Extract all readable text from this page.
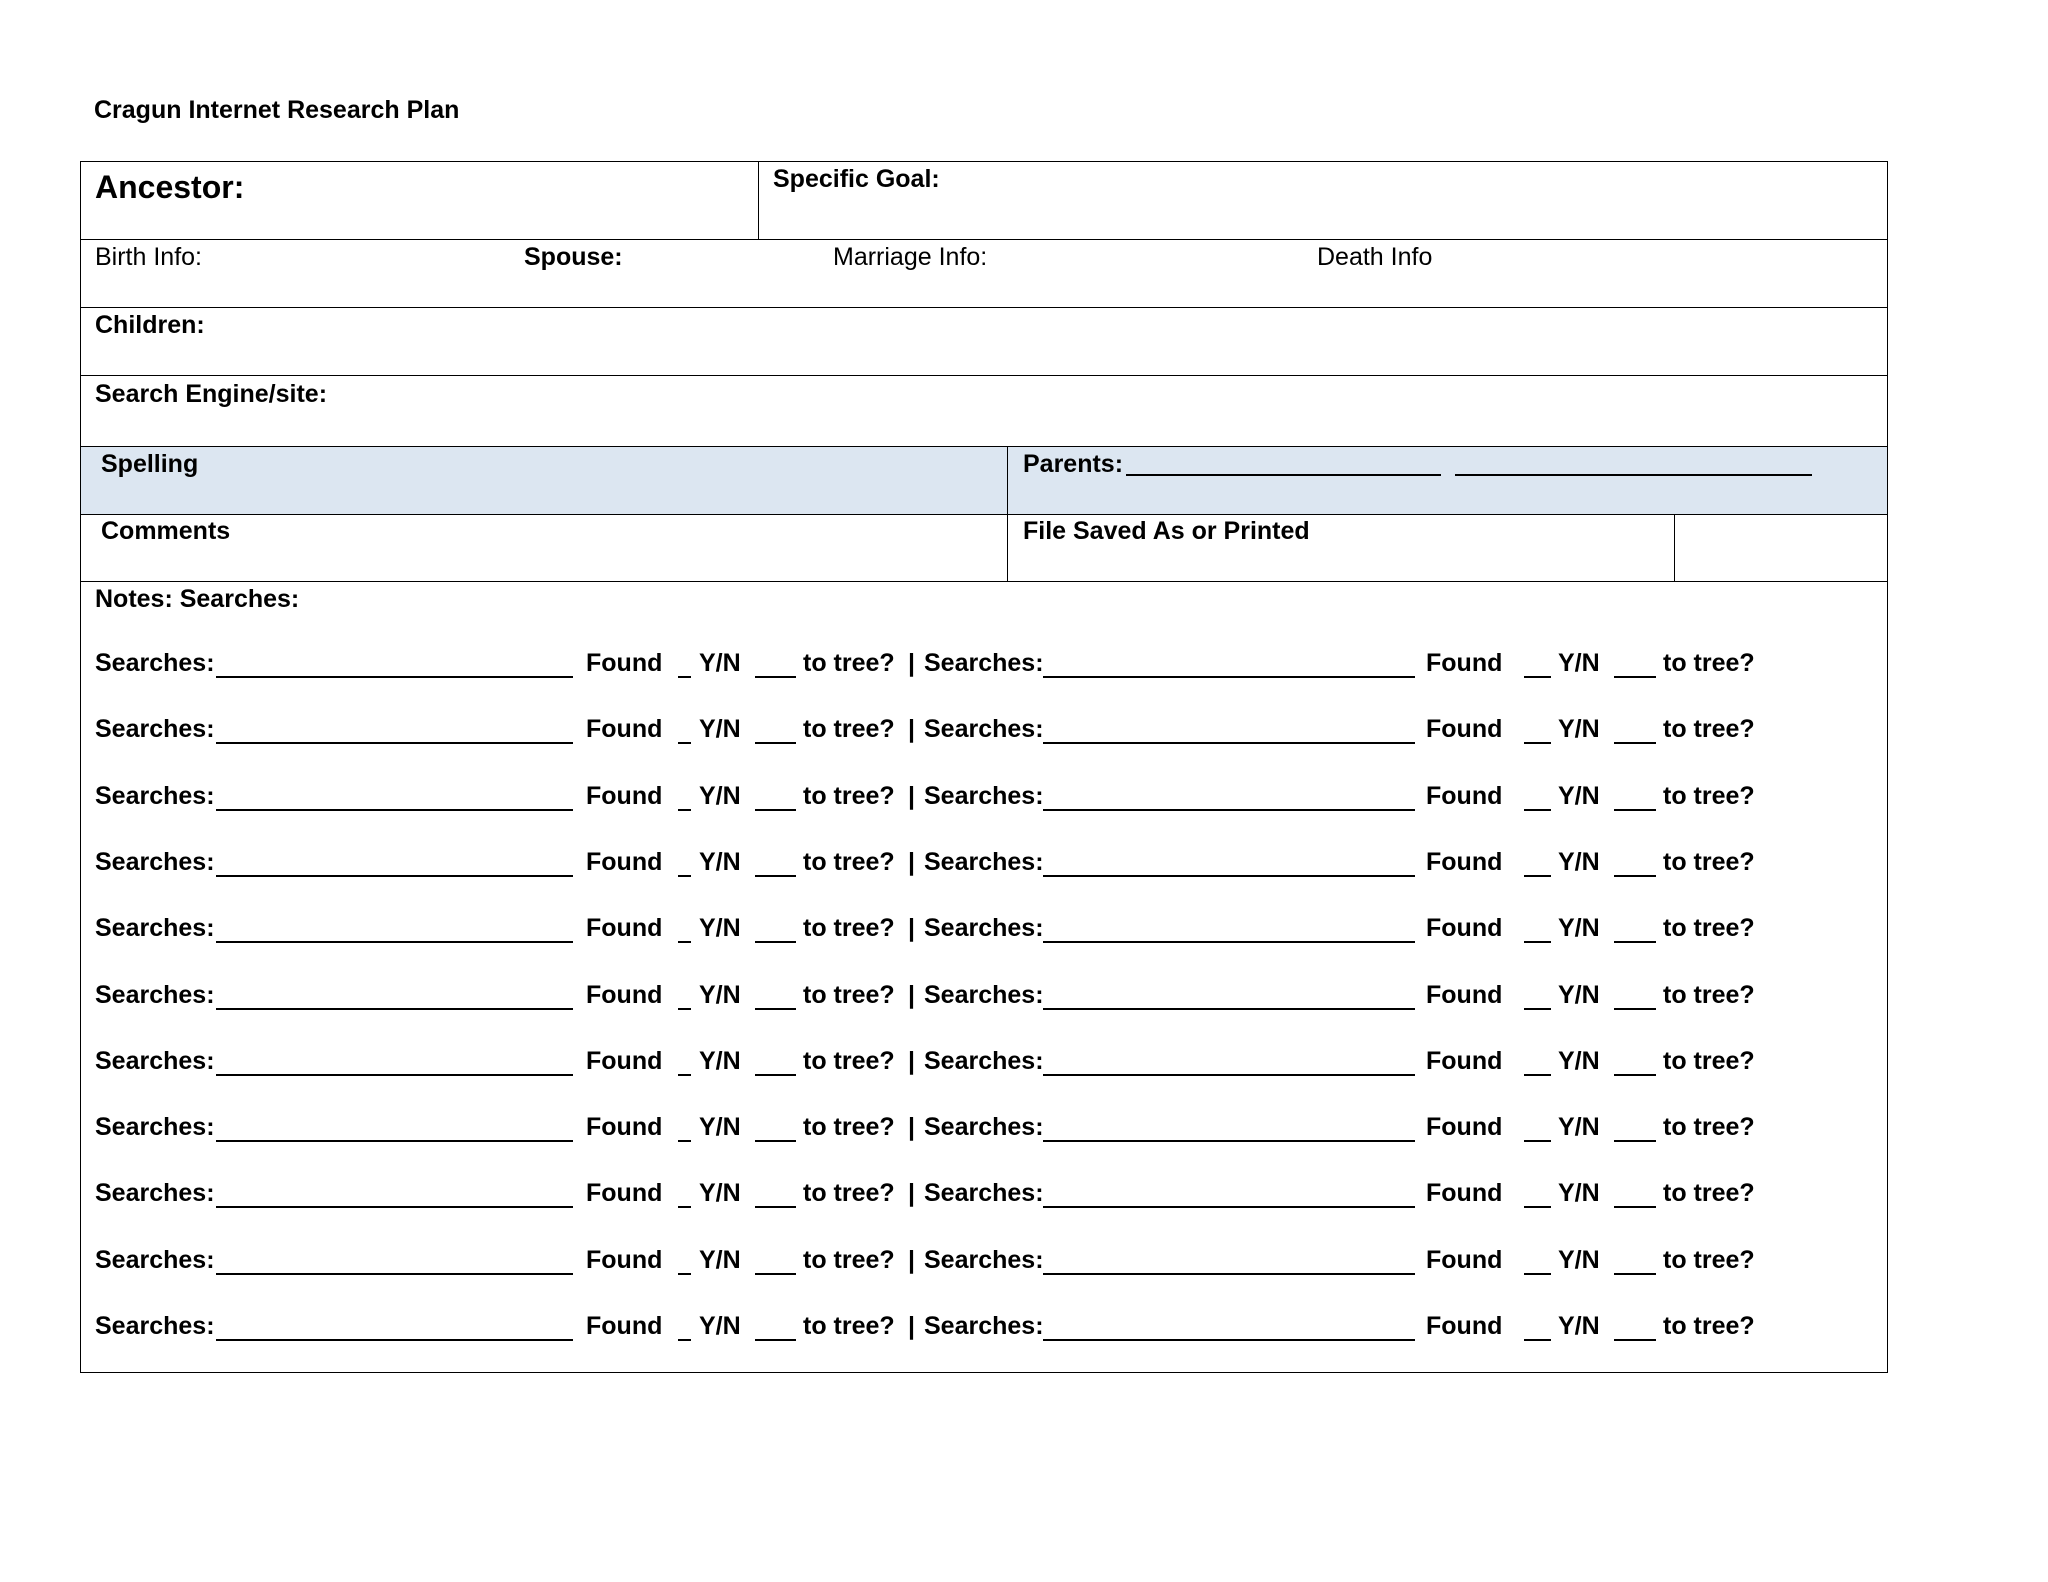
Cragun Internet Research Plan
Ancestor:	Specific Goal:
Birth Info:	Spouse:	Marriage Info:	Death Info
Children:
Search Engine/site:
Spelling	Parents:
Comments	File Saved As or Printed
Notes: Searches:
Searches:	Found Y/N to tree? | Searches:	Found Y/N	to tree?
Searches:	Found Y/N to tree? | Searches:	Found Y/N	to tree?
Searches:	Found Y/N to tree? | Searches:	Found Y/N	to tree?
Searches:	Found Y/N to tree? | Searches:	Found Y/N	to tree?
Searches:	Found Y/N to tree? | Searches:	Found Y/N	to tree?
Searches:	Found Y/N to tree? | Searches:	Found Y/N	to tree?
Searches:	Found Y/N to tree? | Searches:	Found Y/N	to tree?
Searches:	Found Y/N to tree? | Searches:	Found Y/N	to tree?
Searches:	Found Y/N to tree? | Searches:	Found Y/N	to tree?
Searches:	Found Y/N to tree? | Searches:	Found Y/N	to tree?
Searches:	Found Y/N to tree? | Searches:	Found Y/N	to tree?
